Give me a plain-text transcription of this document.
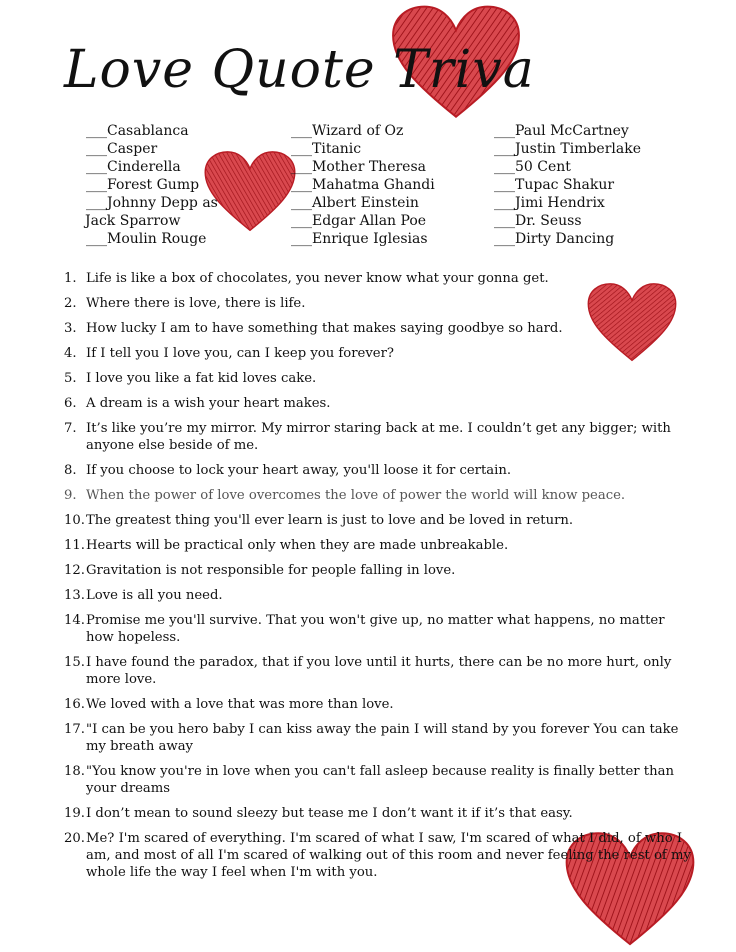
Love Quote Triva
___Casablanca
___Casper
___Cinderella
___Forest Gump
___Johnny Depp as
Jack Sparrow
___Moulin Rouge
___Wizard of Oz
___Titanic
___Mother Theresa
___Mahatma Ghandi
___Albert Einstein
___Edgar Allan Poe
___Enrique Iglesias
___Paul McCartney
___Justin Timberlake
___50 Cent
___Tupac Shakur
___Jimi Hendrix
___Dr. Seuss
___Dirty Dancing
1. Life is like a box of chocolates, you never know what your gonna get.
2. Where there is love, there is life.
3. How lucky I am to have something that makes saying goodbye so hard.
4. If I tell you I love you, can I keep you forever?
5. I love you like a fat kid loves cake.
6. A dream is a wish your heart makes.
7. It’s like you’re my mirror. My mirror staring back at me. I couldn’t get any bigger; with anyone else beside of me.
8. If you choose to lock your heart away, you'll loose it for certain.
9. When the power of love overcomes the love of power the world will know peace.
10. The greatest thing you'll ever learn is just to love and be loved in return.
11. Hearts will be practical only when they are made unbreakable.
12. Gravitation is not responsible for people falling in love.
13. Love is all you need.
14. Promise me you'll survive. That you won't give up, no matter what happens, no matter how hopeless.
15. I have found the paradox, that if you love until it hurts, there can be no more hurt, only more love.
16. We loved with a love that was more than love.
17. "I can be you hero baby I can kiss away the pain I will stand by you forever You can take my breath away
18. "You know you're in love when you can't fall asleep because reality is finally better than your dreams
19. I don’t mean to sound sleezy but tease me I don’t want it if it’s that easy.
20. Me? I'm scared of everything. I'm scared of what I saw, I'm scared of what I did, of who I am, and most of all I'm scared of walking out of this room and never feeling the rest of my whole life the way I feel when I'm with you.
